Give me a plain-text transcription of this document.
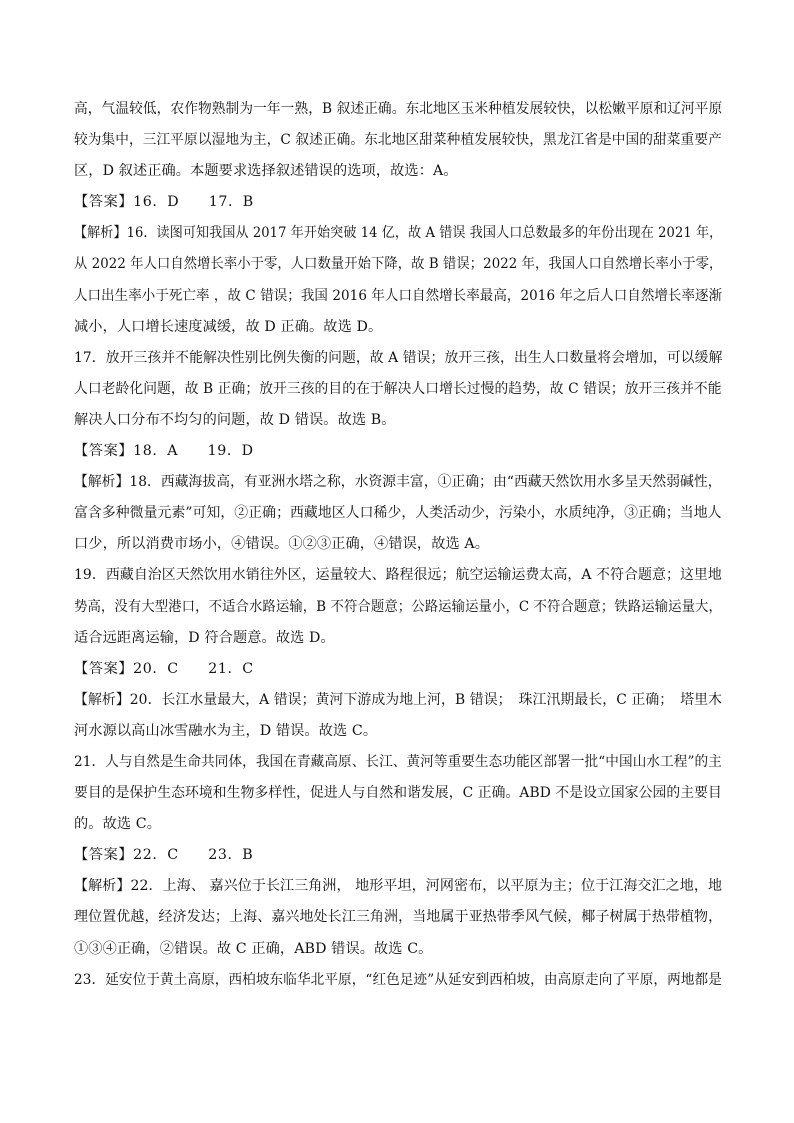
高，气温较低，农作物熟制为一年一熟，B 叙述正确。东北地区玉米种植发展较快，以松嫩平原和辽河平原
较为集中，三江平原以湿地为主，C 叙述正确。东北地区甜菜种植发展较快，黑龙江省是中国的甜菜重要产
区，D 叙述正确。本题要求选择叙述错误的选项，故选：A。
【答案】16．D　　17．B
【解析】16．读图可知我国从 2017 年开始突破 14 亿，故 A 错误 我国人口总数最多的年份出现在 2021 年，
从 2022 年人口自然增长率小于零，人口数量开始下降，故 B 错误；2022 年，我国人口自然增长率小于零，
人口出生率小于死亡率 ，故 C 错误；我国 2016 年人口自然增长率最高，2016 年之后人口自然增长率逐渐
减小，人口增长速度减缓，故 D 正确。故选 D。
17．放开三孩并不能解决性别比例失衡的问题，故 A 错误；放开三孩，出生人口数量将会增加，可以缓解
人口老龄化问题，故 B 正确；放开三孩的目的在于解决人口增长过慢的趋势，故 C 错误；放开三孩并不能
解决人口分布不均匀的问题，故 D 错误。故选 B。
【答案】18．A　　19．D
【解析】18．西藏海拔高，有亚洲水塔之称，水资源丰富，①正确；由“西藏天然饮用水多呈天然弱碱性，
富含多种微量元素”可知，②正确；西藏地区人口稀少，人类活动少，污染小，水质纯净，③正确；当地人
口少，所以消费市场小，④错误。①②③正确，④错误，故选 A。
19．西藏自治区天然饮用水销往外区，运量较大、路程很远；航空运输运费太高，A 不符合题意；这里地
势高，没有大型港口，不适合水路运输，B 不符合题意；公路运输运量小，C 不符合题意；铁路运输运量大，
适合远距离运输，D 符合题意。故选 D。
【答案】20．C　　21．C
【解析】20．长江水量最大，A 错误；黄河下游成为地上河，B 错误；　珠江汛期最长，C 正确；　塔里木
河水源以高山冰雪融水为主，D 错误。故选 C。
21．人与自然是生命共同体，我国在青藏高原、长江、黄河等重要生态功能区部署一批“中国山水工程”的主
要目的是保护生态环境和生物多样性，促进人与自然和谐发展，C 正确。ABD 不是设立国家公园的主要目
的。故选 C。
【答案】22．C　　23．B
【解析】22．上海、 嘉兴位于长江三角洲， 地形平坦，河网密布，以平原为主；位于江海交汇之地，地
理位置优越，经济发达；上海、嘉兴地处长江三角洲，当地属于亚热带季风气候，椰子树属于热带植物，
①③④正确，②错误。故 C 正确，ABD 错误。故选 C。
23．延安位于黄土高原，西柏坡东临华北平原，“红色足迹”从延安到西柏坡，由高原走向了平原，两地都是
